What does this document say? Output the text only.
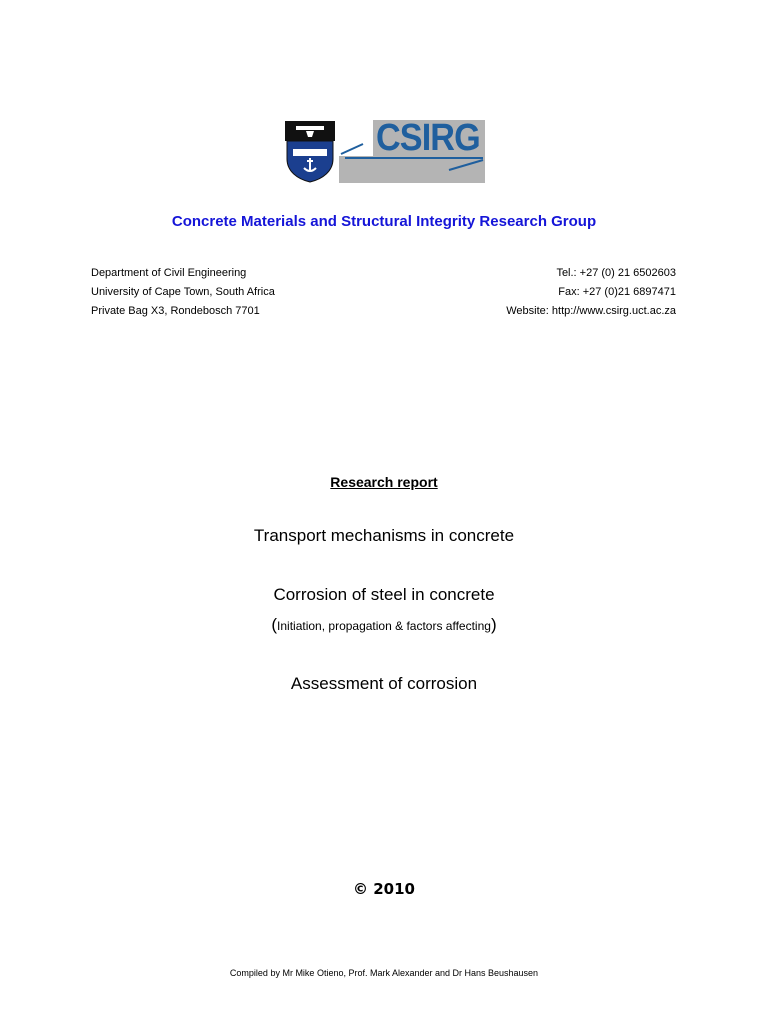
CSIRG
Concrete Materials and Structural Integrity Research Group
Department of Civil Engineering
University of Cape Town, South Africa
Private Bag X3, Rondebosch 7701
Tel.: +27 (0) 21 6502603
Fax: +27 (0)21 6897471
Website: http://www.csirg.uct.ac.za
Research report
Transport mechanisms in concrete
Corrosion of steel in concrete
(Initiation, propagation & factors affecting)
Assessment of corrosion
© 2010
Compiled by Mr Mike Otieno, Prof. Mark Alexander and Dr Hans Beushausen
